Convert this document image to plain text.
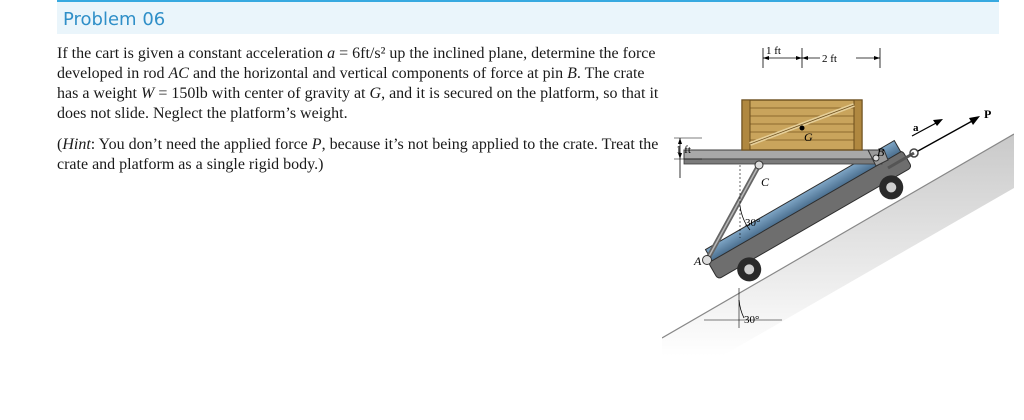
Problem 06

If the cart is given a constant acceleration a = 6ft/s² up the inclined plane, determine the force developed in rod AC and the horizontal and vertical components of force at pin B. The crate has a weight W = 150lb with center of gravity at G, and it is secured on the platform, so that it does not slide. Neglect the platform’s weight.

(Hint: You don’t need the applied force P, because it’s not being applied to the crate. Treat the crate and platform as a single rigid body.)

1 ft
2 ft
1 ft
30°
30°
G
B
C
A
a
P
